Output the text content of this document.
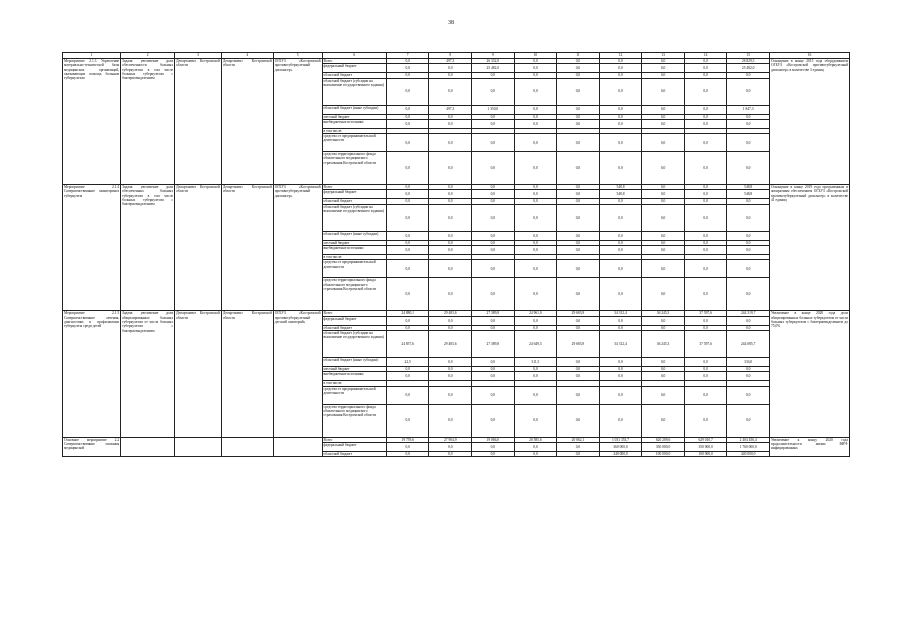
38
1	2	3	4	5	6	7	8	9	10	11	12	13	14	15	16
Мероприятие 2.1.3 Укрепление материально-технической базы медицинских организаций, оказывающих помощь больным туберкулезом	Задача: увеличение доли обеспеченности больных туберкулезом в том числе больных туберкулезом с бактериовыделением	Департамент Костромской области	Департамент Костромской области	ОГБУЗ «Костромской противотуберкулезный диспансер»	Всего	0,0	497,3	26 332,0	0,0	0,0	0,0	0,0	0,0	26 829,3	Оснащение в конце 2015 года оборудованием ОГБУЗ «Костромской противотуберкулезный диспансер» в количестве 3 единиц
					федеральный бюджет	0,0	0,0	25 482,0	0,0	0,0	0,0	0,0	0,0	25 482,0	
					областной бюджет	0,0	0,0	0,0	0,0	0,0	0,0	0,0	0,0	0,0	
					областной бюджет (субсидии на выполнение государственного задания)	0,0	0,0	0,0	0,0	0,0	0,0	0,0	0,0	0,0	
					областной бюджет (иные субсидии)	0,0	497,3	1 350,0	0,0	0,0	0,0	0,0	0,0	1 847,3	
					местный бюджет	0,0	0,0	0,0	0,0	0,0	0,0	0,0	0,0	0,0	
					внебюджетные источники	0,0	0,0	0,0	0,0	0,0	0,0	0,0	0,0	0,0	
					в том числе:										
					средства от предпринимательской деятельности	0,0	0,0	0,0	0,0	0,0	0,0	0,0	0,0	0,0	
					средства территориального фонда обязательного медицинского страхования Костромской области	0,0	0,0	0,0	0,0	0,0	0,0	0,0	0,0	0,0	
Мероприятие 2.1.4 Совершенствование мониторинга туберкулеза	Задача: увеличение доли обеспеченных больных туберкулезом в том числе больных туберкулезом с бактериовыделением	Департамент Костромской области	Департамент Костромской области	ОГБУЗ «Костромской противотуберкулезный диспансер»	Всего	0,0	0,0	0,0	0,0	0,0	548,8	0,0	0,0	548,8	Оснащение в конце 2019 года программным и аппаратным обеспечением ОГБУЗ «Костромской противотуберкулезный диспансер» в количестве 41 единиц
					федеральный бюджет	0,0	0,0	0,0	0,0	0,0	548,8	0,0	0,0	548,8	
					областной бюджет	0,0	0,0	0,0	0,0	0,0	0,0	0,0	0,0	0,0	
					областной бюджет (субсидии на выполнение государственного задания)	0,0	0,0	0,0	0,0	0,0	0,0	0,0	0,0	0,0	
					областной бюджет (иные субсидии)	0,0	0,0	0,0	0,0	0,0	0,0	0,0	0,0	0,0	
					местный бюджет	0,0	0,0	0,0	0,0	0,0	0,0	0,0	0,0	0,0	
					внебюджетные источники	0,0	0,0	0,0	0,0	0,0	0,0	0,0	0,0	0,0	
					в том числе:										
					средства от предпринимательской деятельности	0,0	0,0	0,0	0,0	0,0	0,0	0,0	0,0	0,0	
					средства территориального фонда обязательного медицинского страхования Костромской области	0,0	0,0	0,0	0,0	0,0	0,0	0,0	0,0	0,0	
Мероприятие 2.1.5 Совершенствование лечения, диагностики и профилактики туберкулеза среди детей	Задача: увеличение доли абацилированных больных туберкулезом от числа больных туберкулезом с бактериовыделением	Департамент Костромской области	Департамент Костромской области	ОГБУЗ «Костромской противотуберкулезный детский санаторий»	Всего	24 880,1	29 483,6	27 389,8	24 961,0	29 683,9	34 312,4	36 245,3	37 597,6	244 319,7	Увеличение в конце 2020 года доли абацилированных больных туберкулезом от числа больных туберкулезом с бактериовыделением до 75,0%
					федеральный бюджет	0,0	0,0	0,0	0,0	0,0	0,0	0,0	0,0	0,0	
					областной бюджет	0,0	0,0	0,0	0,0	0,0	0,0	0,0	0,0	0,0	
					областной бюджет (субсидии на выполнение государственного задания)	24 857,6	29 483,6	27 389,8	24 649,5	29 683,9	34 312,4	36 245,3	37 597,6	244 085,7	
					областной бюджет (иные субсидии)	22,5	0,0	0,0	311,5	0,0	0,0	0,0	0,0	334,0	
					местный бюджет	0,0	0,0	0,0	0,0	0,0	0,0	0,0	0,0	0,0	
					внебюджетные источники	0,0	0,0	0,0	0,0	0,0	0,0	0,0	0,0	0,0	
					в том числе:										
					средства от предпринимательской деятельности	0,0	0,0	0,0	0,0	0,0	0,0	0,0	0,0	0,0	
					средства территориального фонда обязательного медицинского страхования Костромской области	0,0	0,0	0,0	0,0	0,0	0,0	0,0	0,0	0,0	
Основное мероприятие 2.2 Совершенствование оказания медицинской					Всего	19 759,6	27 904,9	19 066,0	20 585,6	20 062,1	1 031 353,7	620 209,6	629 010,7	2 404 456,4	Увеличение к концу 2020 года продолжительности жизни ВИЧ-инфицированных
					федеральный бюджет	0,0	0,0	0,0	0,0	0,0	360 000,0	350 000,0	350 000,0	1 760 000,0	
					областной бюджет	0,0	0,0	0,0	0,0	0,0	240 000,0	100 000,0	100 000,0	440 000,0	
